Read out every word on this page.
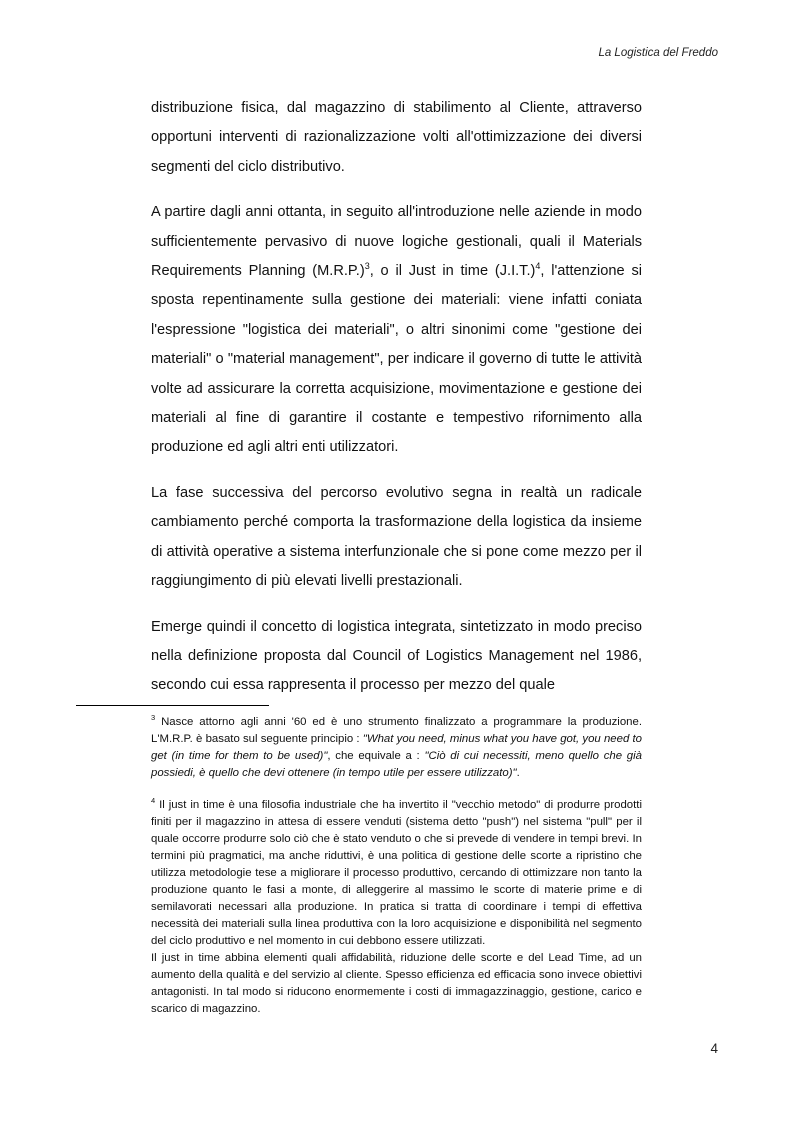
La Logistica del Freddo

distribuzione fisica, dal magazzino di stabilimento al Cliente, attraverso opportuni interventi di razionalizzazione volti all'ottimizzazione dei diversi segmenti del ciclo distributivo.

A partire dagli anni ottanta, in seguito all'introduzione nelle aziende in modo sufficientemente pervasivo di nuove logiche gestionali, quali il Materials Requirements Planning $(M.R.P.)^3$, o il Just in time $(J.I.T.)^4$, l'attenzione si sposta repentinamente sulla gestione dei materiali: viene infatti coniata l'espressione "logistica dei materiali", o altri sinonimi come "gestione dei materiali" o "material management", per indicare il governo di tutte le attività volte ad assicurare la corretta acquisizione, movimentazione e gestione dei materiali al fine di garantire il costante e tempestivo rifornimento alla produzione ed agli altri enti utilizzatori.

La fase successiva del percorso evolutivo segna in realtà un radicale cambiamento perché comporta la trasformazione della logistica da insieme di attività operative a sistema interfunzionale che si pone come mezzo per il raggiungimento di più elevati livelli prestazionali.

Emerge quindi il concetto di logistica integrata, sintetizzato in modo preciso nella definizione proposta dal Council of Logistics Management nel 1986, secondo cui essa rappresenta il processo per mezzo del quale

$^3$ Nasce attorno agli anni '60 ed è uno strumento finalizzato a programmare la produzione. L'M.R.P. è basato sul seguente principio : "What you need, minus what you have got, you need to get (in time for them to be used)", che equivale a : "Ciò di cui necessiti, meno quello che già possiedi, è quello che devi ottenere (in tempo utile per essere utilizzato)".

$^4$ Il just in time è una filosofia industriale che ha invertito il "vecchio metodo" di produrre prodotti finiti per il magazzino in attesa di essere venduti (sistema detto "push") nel sistema "pull" per il quale occorre produrre solo ciò che è stato venduto o che si prevede di vendere in tempi brevi. In termini più pragmatici, ma anche riduttivi, è una politica di gestione delle scorte a ripristino che utilizza metodologie tese a migliorare il processo produttivo, cercando di ottimizzare non tanto la produzione quanto le fasi a monte, di alleggerire al massimo le scorte di materie prime e di semilavorati necessari alla produzione. In pratica si tratta di coordinare i tempi di effettiva necessità dei materiali sulla linea produttiva con la loro acquisizione e disponibilità nel segmento del ciclo produttivo e nel momento in cui debbono essere utilizzati.

Il just in time abbina elementi quali affidabilità, riduzione delle scorte e del Lead Time, ad un aumento della qualità e del servizio al cliente. Spesso efficienza ed efficacia sono invece obiettivi antagonisti. In tal modo si riducono enormemente i costi di immagazzinaggio, gestione, carico e scarico di magazzino.

4
